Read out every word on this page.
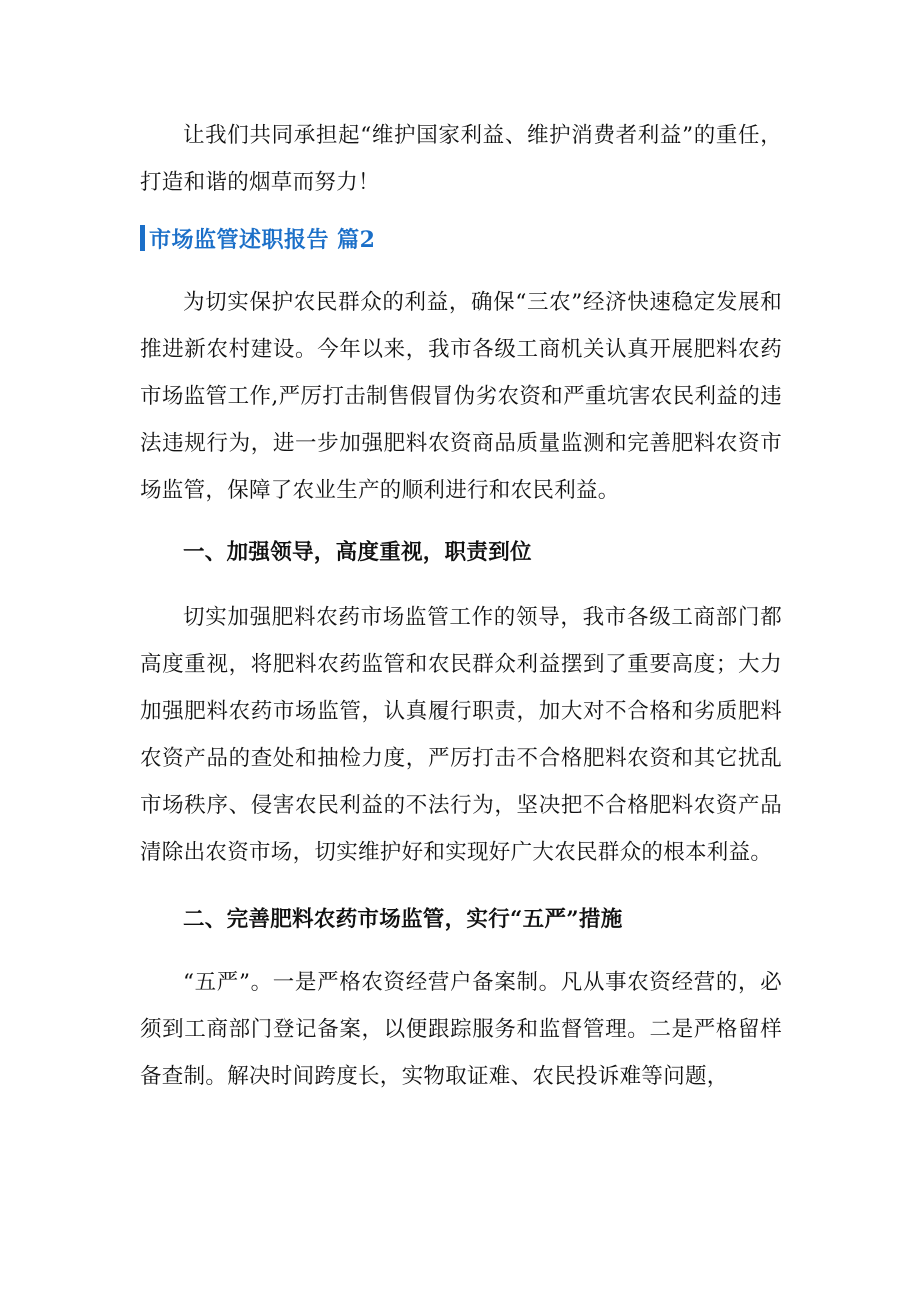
让我们共同承担起“维护国家利益、维护消费者利益”的重任，打造和谐的烟草而努力！

市场监管述职报告 篇2

为切实保护农民群众的利益，确保“三农”经济快速稳定发展和推进新农村建设。今年以来，我市各级工商机关认真开展肥料农药市场监管工作,严厉打击制售假冒伪劣农资和严重坑害农民利益的违法违规行为，进一步加强肥料农资商品质量监测和完善肥料农资市场监管，保障了农业生产的顺利进行和农民利益。

一、加强领导，高度重视，职责到位

切实加强肥料农药市场监管工作的领导，我市各级工商部门都高度重视，将肥料农药监管和农民群众利益摆到了重要高度；大力加强肥料农药市场监管，认真履行职责，加大对不合格和劣质肥料农资产品的查处和抽检力度，严厉打击不合格肥料农资和其它扰乱市场秩序、侵害农民利益的不法行为，坚决把不合格肥料农资产品清除出农资市场，切实维护好和实现好广大农民群众的根本利益。

二、完善肥料农药市场监管，实行“五严”措施

“五严”。一是严格农资经营户备案制。凡从事农资经营的，必须到工商部门登记备案，以便跟踪服务和监督管理。二是严格留样备查制。解决时间跨度长，实物取证难、农民投诉难等问题，
